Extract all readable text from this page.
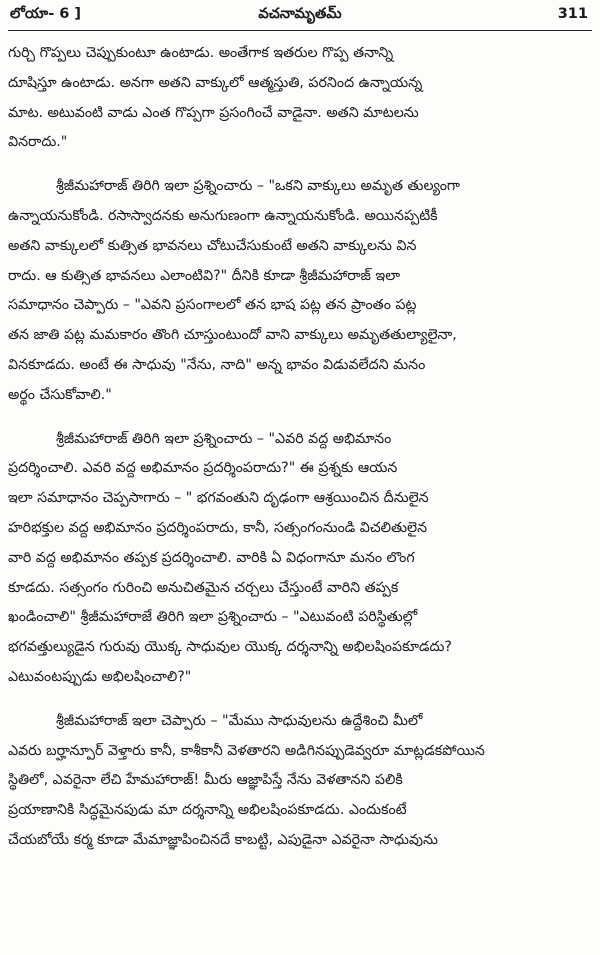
లోయా- 6 ]	వచనామృతమ్	311
గుర్చి గొప్పలు చెప్పుకుంటూ ఉంటాడు. అంతేగాక ఇతరుల గొప్ప తనాన్ని
దూషిస్తూ ఉంటాడు. అనగా అతని వాక్కులో ఆత్మస్తుతి, పరనింద ఉన్నాయన్న
మాట. అటువంటి వాడు ఎంత గొప్పగా ప్రసంగించే వాడైనా. అతని మాటలను
వినరాదు."
శ్రీజీమహారాజ్ తిరిగి ఇలా ప్రశ్నించారు – "ఒకని వాక్కులు అమృత తుల్యంగా
ఉన్నాయనుకోండి. రసాస్వాదనకు అనుగుణంగా ఉన్నాయనుకోండి. అయినప్పటికీ
అతని వాక్కులలో కుత్సిత భావనలు చోటుచేసుకుంటే అతని వాక్కులను విన
రాదు. ఆ కుత్సిత భావనలు ఎలాంటివి?" దీనికి కూడా శ్రీజీమహారాజ్ ఇలా
సమాధానం చెప్పారు – "ఎవని ప్రసంగాలలో తన భాష పట్ల తన ప్రాంతం పట్ల
తన జాతి పట్ల మమకారం తొంగి చూస్తుంటుందో వాని వాక్కులు అమృతతుల్యాలైనా,
వినకూడదు. అంటే ఈ సాధువు "నేను, నాది" అన్న భావం విడువలేదని మనం
అర్థం చేసుకోవాలి."
శ్రీజీమహారాజ్ తిరిగి ఇలా ప్రశ్నించారు – "ఎవరి వద్ద అభిమానం
ప్రదర్శించాలి. ఎవరి వద్ద అభిమానం ప్రదర్శింపరాదు?" ఈ ప్రశ్నకు ఆయన
ఇలా సమాధానం చెప్పసాగారు – " భగవంతుని దృఢంగా ఆశ్రయించిన దీనులైన
హరిభక్తుల వద్ద అభిమానం ప్రదర్శింపరాదు, కానీ, సత్సంగంనుండి విచలితులైన
వారి వద్ద అభిమానం తప్పక ప్రదర్శించాలి. వారికి ఏ విధంగానూ మనం లొంగ
కూడదు. సత్సంగం గురించి అనుచితమైన చర్చలు చేస్తుంటే వారిని తప్పక
ఖండించాలి" శ్రీజీమహారాజే తిరిగి ఇలా ప్రశ్నించారు – "ఎటువంటి పరిస్థితుల్లో
భగవత్తుల్యుడైన గురువు యొక్క సాధువుల యొక్క దర్శనాన్ని అభిలషింపకూడదు?
ఎటువంటప్పుడు అభిలషించాలి?"
శ్రీజీమహారాజ్ ఇలా చెప్పారు – "మేము సాధువులను ఉద్దేశించి మీలో
ఎవరు బర్హాన్పూర్ వెళ్తారు కానీ, కాశీకానీ వెళతారని అడిగినప్పుడెవ్వరూ మాట్లడకపోయిన
స్థితిలో, ఎవరైనా లేచి హేమహారాజ్! మీరు ఆజ్ఞాపిస్తే నేను వెళతానని పలికి
ప్రయాణానికి సిద్ధమైనపుడు మా దర్శనాన్ని అభిలషింపకూడదు. ఎందుకంటే
చేయబోయే కర్మ కూడా మేమాజ్ఞాపించినదే కాబట్టి, ఎపుడైనా ఎవరైనా సాధువును
